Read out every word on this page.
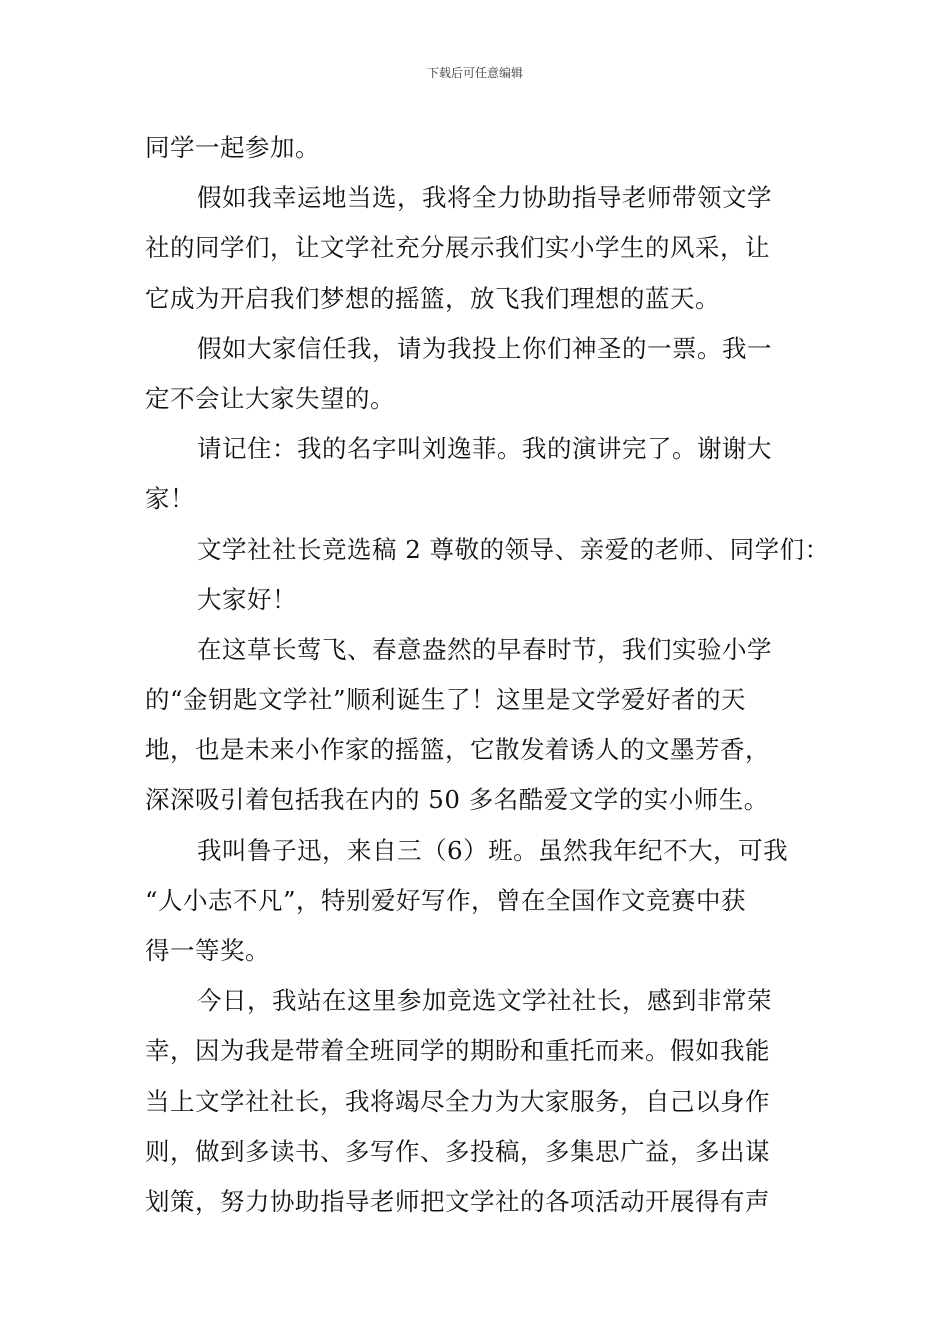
下载后可任意编辑
同学一起参加。
假如我幸运地当选，我将全力协助指导老师带领文学
社的同学们，让文学社充分展示我们实小学生的风采，让
它成为开启我们梦想的摇篮，放飞我们理想的蓝天。
假如大家信任我，请为我投上你们神圣的一票。我一
定不会让大家失望的。
请记住：我的名字叫刘逸菲。我的演讲完了。谢谢大
家！
文学社社长竞选稿 2 尊敬的领导、亲爱的老师、同学们：
大家好！
在这草长莺飞、春意盎然的早春时节，我们实验小学
的“金钥匙文学社”顺利诞生了！这里是文学爱好者的天
地，也是未来小作家的摇篮，它散发着诱人的文墨芳香，
深深吸引着包括我在内的 50 多名酷爱文学的实小师生。
我叫鲁子迅，来自三（6）班。虽然我年纪不大，可我
“人小志不凡”，特别爱好写作，曾在全国作文竞赛中获
得一等奖。
今日，我站在这里参加竞选文学社社长，感到非常荣
幸，因为我是带着全班同学的期盼和重托而来。假如我能
当上文学社社长，我将竭尽全力为大家服务，自己以身作
则，做到多读书、多写作、多投稿，多集思广益，多出谋
划策，努力协助指导老师把文学社的各项活动开展得有声
